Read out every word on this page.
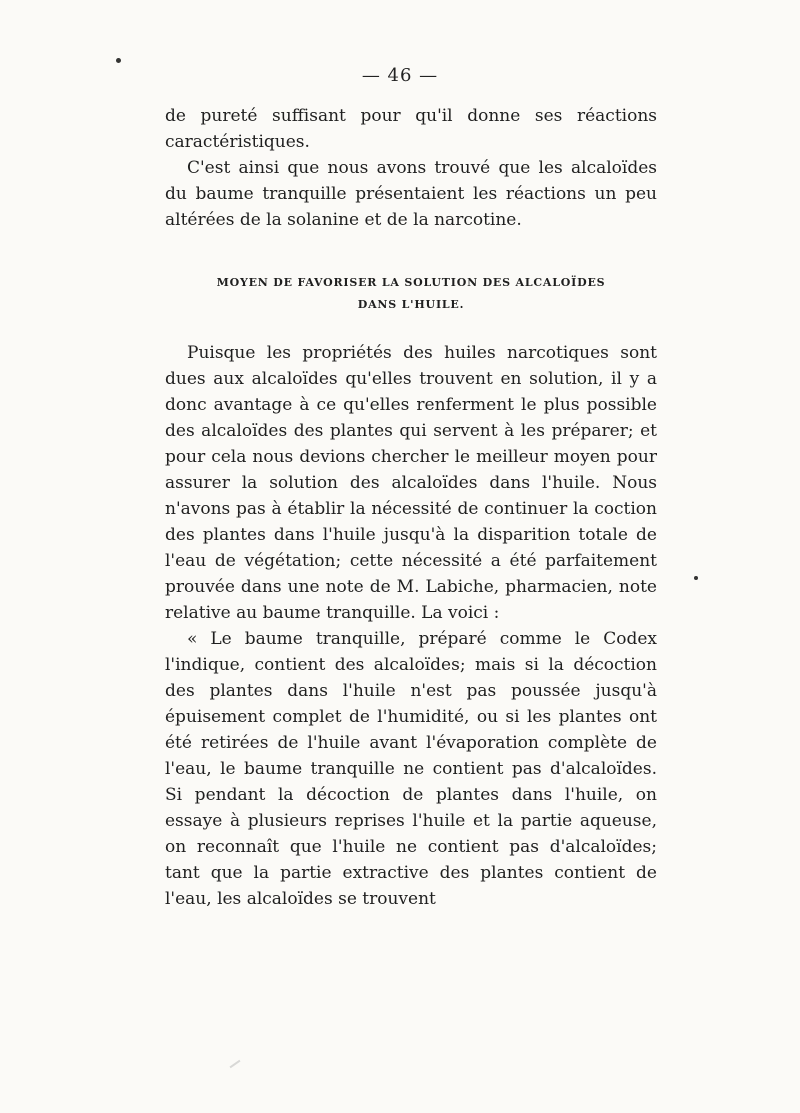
— 46 —

de pureté suffisant pour qu'il donne ses réactions caractéristiques.

C'est ainsi que nous avons trouvé que les alcaloïdes du baume tranquille présentaient les réactions un peu altérées de la solanine et de la narcotine.

MOYEN DE FAVORISER LA SOLUTION DES ALCALOÏDES
DANS L'HUILE.

Puisque les propriétés des huiles narcotiques sont dues aux alcaloïdes qu'elles trouvent en solution, il y a donc avantage à ce qu'elles renferment le plus possible des alcaloïdes des plantes qui servent à les préparer; et pour cela nous devions chercher le meilleur moyen pour assurer la solution des alcaloïdes dans l'huile. Nous n'avons pas à établir la nécessité de continuer la coction des plantes dans l'huile jusqu'à la disparition totale de l'eau de végétation; cette nécessité a été parfaitement prouvée dans une note de M. Labiche, pharmacien, note relative au baume tranquille. La voici :

« Le baume tranquille, préparé comme le Codex l'indique, contient des alcaloïdes; mais si la décoction des plantes dans l'huile n'est pas poussée jusqu'à épuisement complet de l'humidité, ou si les plantes ont été retirées de l'huile avant l'évaporation complète de l'eau, le baume tranquille ne contient pas d'alcaloïdes. Si pendant la décoction de plantes dans l'huile, on essaye à plusieurs reprises l'huile et la partie aqueuse, on reconnaît que l'huile ne contient pas d'alcaloïdes; tant que la partie extractive des plantes contient de l'eau, les alcaloïdes se trouvent
